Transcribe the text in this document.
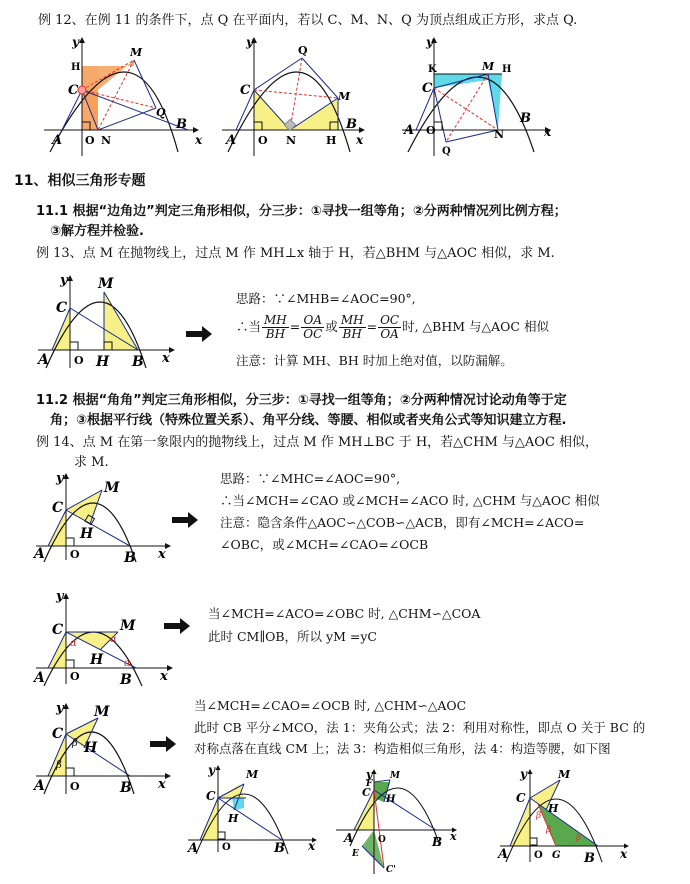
例 12、在例 11 的条件下，点 Q 在平面内，若以 C、M、N、Q 为顶点组成正方形，求点 Q.
y
x
A O N
B
C
H
M
Q
y
x
A O N	H
B
C
Q
M
y
x
A O	N
B
C
K	M H
Q
11、相似三角形专题
11.1 根据“边角边”判定三角形相似，分三步：①寻找一组等角；②分两种情况列比例方程；
③解方程并检验.
例 13、点 M 在抛物线上，过点 M 作 MH⊥x 轴于 H，若△BHM 与△AOC 相似，求 M.
y
x
A O H B
C
M
思路：∵∠MHB=∠AOC=90°,
∴当 $\frac{MH}{BH} = \frac{OA}{OC}$ 或 $\frac{MH}{BH} = \frac{OC}{OA}$ 时, △BHM 与△AOC 相似
注意：计算 MH、BH 时加上绝对值，以防漏解。
11.2 根据“角角”判定三角形相似，分三步：①寻找一组等角；②分两种情况讨论动角等于定
角；③根据平行线（特殊位置关系）、角平分线、等腰、相似或者夹角公式等知识建立方程.
例 14、点 M 在第一象限内的抛物线上，过点 M 作 MH⊥BC 于 H，若△CHM 与△AOC 相似，
求 M.
y
x
A O	B
C
H
M
思路：∵∠MHC=∠AOC=90°,
∴当∠MCH=∠CAO 或∠MCH=∠ACO 时, △CHM 与△AOC 相似
注意：隐含条件△AOC∽△COB∽△ACB，即有∠MCH=∠ACO=
∠OBC，或∠MCH=∠CAO=∠OCB
α	α
α
y
x
A O	B
C
H
M
当∠MCH=∠ACO=∠OBC 时, △CHM∽△COA
此时 CM∥OB，所以 yM =yC
β
β
y
x
A O	B
C
H
M	当∠MCH=∠CAO=∠OCB 时, △CHM∽△AOC
此时 CB 平分∠MCO，法 1：夹角公式；法 2：利用对称性，即点 O 关于 BC 的
对称点落在直线 CM 上；法 3：构造相似三角形，法 4：构造等腰，如下图
y
x
A O	B
C
H
M	y
x
A	O	B
C
F
M
H
E
C'
β
β
β
y
x
A	O G B
C
H
M
